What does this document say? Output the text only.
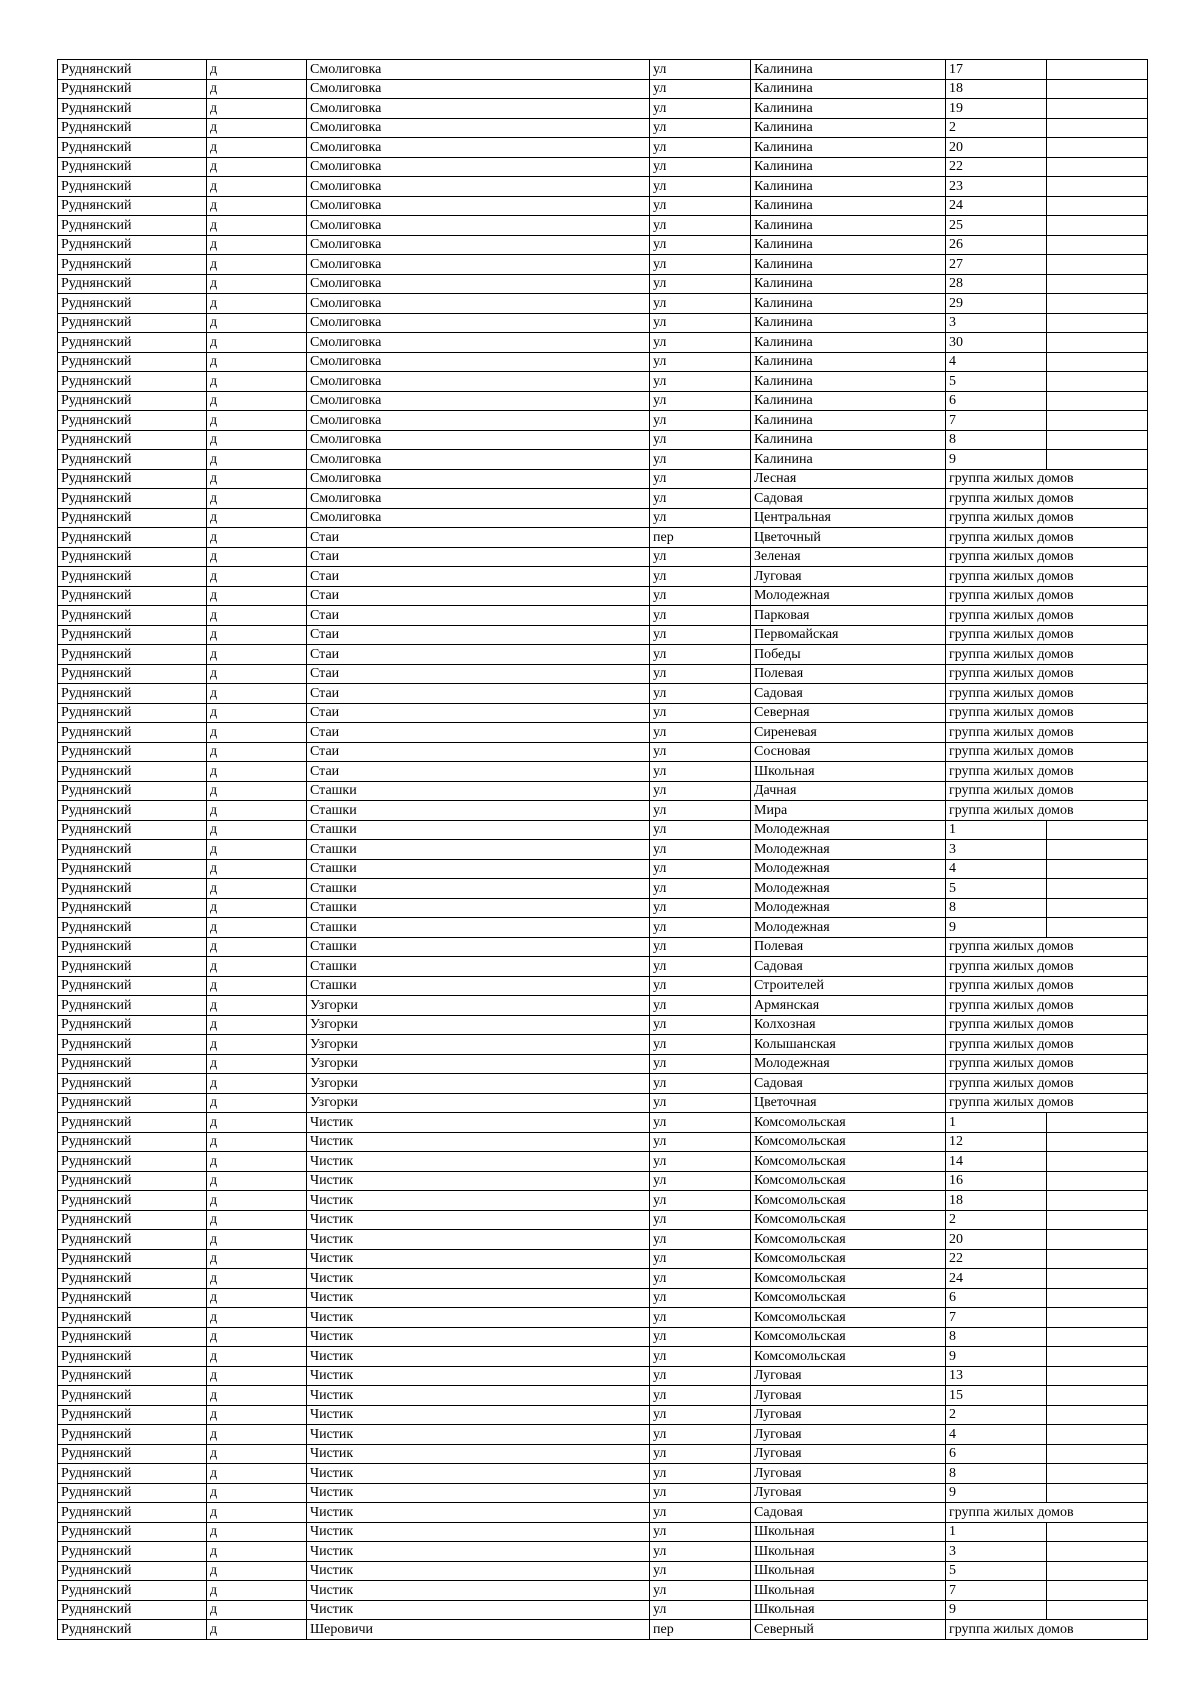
Руднянский	д	Смолиговка	ул	Калинина	17	
Руднянский	д	Смолиговка	ул	Калинина	18	
Руднянский	д	Смолиговка	ул	Калинина	19	
Руднянский	д	Смолиговка	ул	Калинина	2	
Руднянский	д	Смолиговка	ул	Калинина	20	
Руднянский	д	Смолиговка	ул	Калинина	22	
Руднянский	д	Смолиговка	ул	Калинина	23	
Руднянский	д	Смолиговка	ул	Калинина	24	
Руднянский	д	Смолиговка	ул	Калинина	25	
Руднянский	д	Смолиговка	ул	Калинина	26	
Руднянский	д	Смолиговка	ул	Калинина	27	
Руднянский	д	Смолиговка	ул	Калинина	28	
Руднянский	д	Смолиговка	ул	Калинина	29	
Руднянский	д	Смолиговка	ул	Калинина	3	
Руднянский	д	Смолиговка	ул	Калинина	30	
Руднянский	д	Смолиговка	ул	Калинина	4	
Руднянский	д	Смолиговка	ул	Калинина	5	
Руднянский	д	Смолиговка	ул	Калинина	6	
Руднянский	д	Смолиговка	ул	Калинина	7	
Руднянский	д	Смолиговка	ул	Калинина	8	
Руднянский	д	Смолиговка	ул	Калинина	9	
Руднянский	д	Смолиговка	ул	Лесная	группа жилых домов	
Руднянский	д	Смолиговка	ул	Садовая	группа жилых домов	
Руднянский	д	Смолиговка	ул	Центральная	группа жилых домов	
Руднянский	д	Стаи	пер	Цветочный	группа жилых домов	
Руднянский	д	Стаи	ул	Зеленая	группа жилых домов	
Руднянский	д	Стаи	ул	Луговая	группа жилых домов	
Руднянский	д	Стаи	ул	Молодежная	группа жилых домов	
Руднянский	д	Стаи	ул	Парковая	группа жилых домов	
Руднянский	д	Стаи	ул	Первомайская	группа жилых домов	
Руднянский	д	Стаи	ул	Победы	группа жилых домов	
Руднянский	д	Стаи	ул	Полевая	группа жилых домов	
Руднянский	д	Стаи	ул	Садовая	группа жилых домов	
Руднянский	д	Стаи	ул	Северная	группа жилых домов	
Руднянский	д	Стаи	ул	Сиреневая	группа жилых домов	
Руднянский	д	Стаи	ул	Сосновая	группа жилых домов	
Руднянский	д	Стаи	ул	Школьная	группа жилых домов	
Руднянский	д	Сташки	ул	Дачная	группа жилых домов	
Руднянский	д	Сташки	ул	Мира	группа жилых домов	
Руднянский	д	Сташки	ул	Молодежная	1	
Руднянский	д	Сташки	ул	Молодежная	3	
Руднянский	д	Сташки	ул	Молодежная	4	
Руднянский	д	Сташки	ул	Молодежная	5	
Руднянский	д	Сташки	ул	Молодежная	8	
Руднянский	д	Сташки	ул	Молодежная	9	
Руднянский	д	Сташки	ул	Полевая	группа жилых домов	
Руднянский	д	Сташки	ул	Садовая	группа жилых домов	
Руднянский	д	Сташки	ул	Строителей	группа жилых домов	
Руднянский	д	Узгорки	ул	Армянская	группа жилых домов	
Руднянский	д	Узгорки	ул	Колхозная	группа жилых домов	
Руднянский	д	Узгорки	ул	Колышанская	группа жилых домов	
Руднянский	д	Узгорки	ул	Молодежная	группа жилых домов	
Руднянский	д	Узгорки	ул	Садовая	группа жилых домов	
Руднянский	д	Узгорки	ул	Цветочная	группа жилых домов	
Руднянский	д	Чистик	ул	Комсомольская	1	
Руднянский	д	Чистик	ул	Комсомольская	12	
Руднянский	д	Чистик	ул	Комсомольская	14	
Руднянский	д	Чистик	ул	Комсомольская	16	
Руднянский	д	Чистик	ул	Комсомольская	18	
Руднянский	д	Чистик	ул	Комсомольская	2	
Руднянский	д	Чистик	ул	Комсомольская	20	
Руднянский	д	Чистик	ул	Комсомольская	22	
Руднянский	д	Чистик	ул	Комсомольская	24	
Руднянский	д	Чистик	ул	Комсомольская	6	
Руднянский	д	Чистик	ул	Комсомольская	7	
Руднянский	д	Чистик	ул	Комсомольская	8	
Руднянский	д	Чистик	ул	Комсомольская	9	
Руднянский	д	Чистик	ул	Луговая	13	
Руднянский	д	Чистик	ул	Луговая	15	
Руднянский	д	Чистик	ул	Луговая	2	
Руднянский	д	Чистик	ул	Луговая	4	
Руднянский	д	Чистик	ул	Луговая	6	
Руднянский	д	Чистик	ул	Луговая	8	
Руднянский	д	Чистик	ул	Луговая	9	
Руднянский	д	Чистик	ул	Садовая	группа жилых домов	
Руднянский	д	Чистик	ул	Школьная	1	
Руднянский	д	Чистик	ул	Школьная	3	
Руднянский	д	Чистик	ул	Школьная	5	
Руднянский	д	Чистик	ул	Школьная	7	
Руднянский	д	Чистик	ул	Школьная	9	
Руднянский	д	Шеровичи	пер	Северный	группа жилых домов	
